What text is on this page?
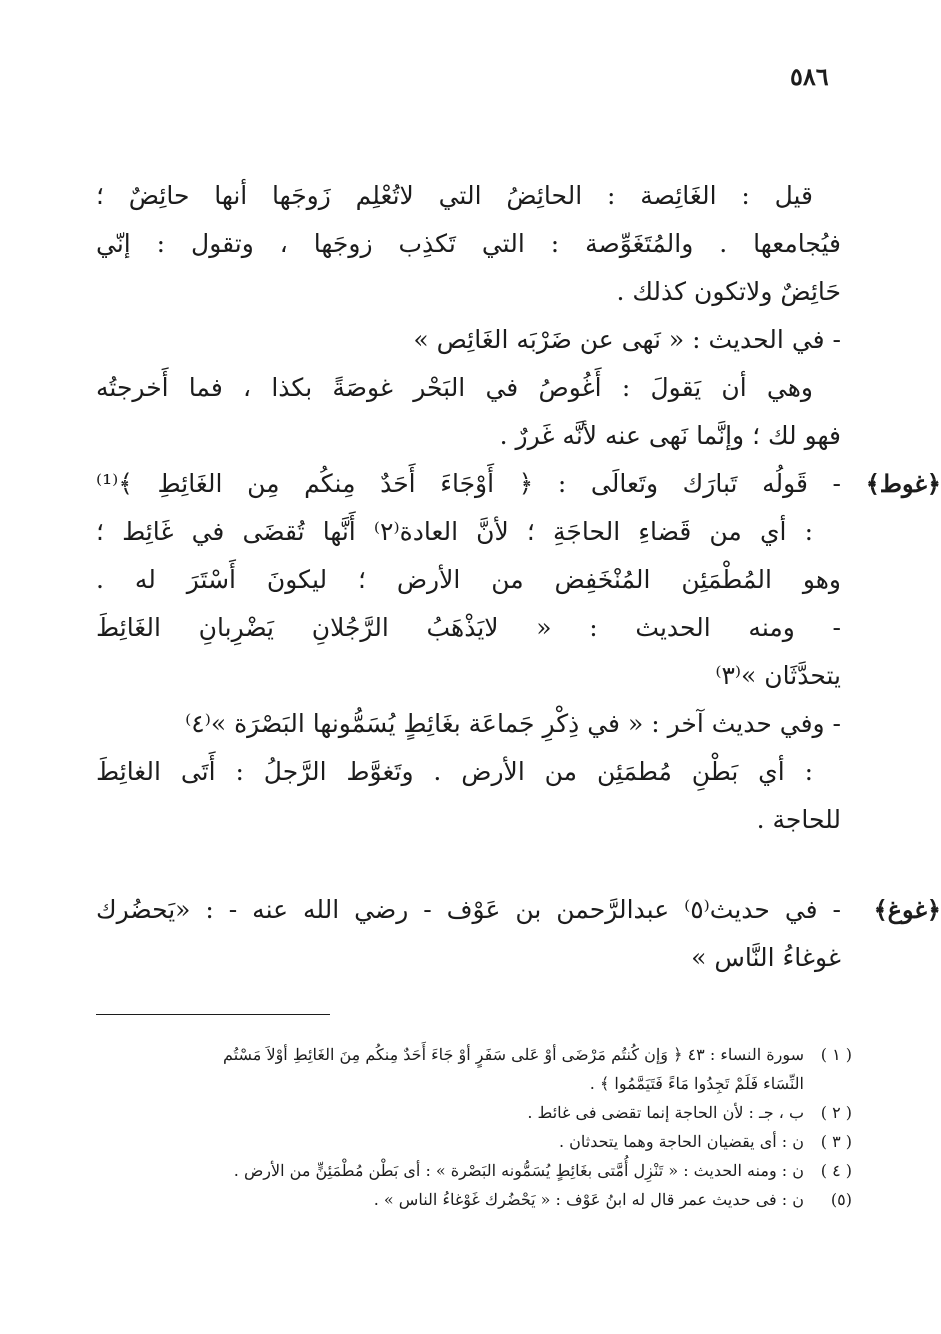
٥٨٦
قيل : الغَائِصة : الحائِضُ التي لاتُعْلِم زَوجَها أنها حائِضٌ ؛
فيُجامعها . والمُتَغَوِّصة : التي تَكذِب زوجَها ، وتقول : إنّي
حَائِضٌ ولاتكون كذلك .
- في الحديث : « نَهى عن ضَرْبَه الغَائِص »
وهي أن يَقولَ : أَغُوصُ في البَحْر غوصَةً بكذا ، فما أَخرجتُه
فهو لك ؛ وإنَّما نَهى عنه لأنَّه غَررٌ .
﴿غوط﴾
- قَولُه تَبارَك وتَعالَى : ﴿ أَوْجَاءَ أَحَدٌ مِنكُم مِن الغَائِطِ ﴾⁽¹⁾
: أي من قَضاءِ الحاجَةِ ؛ لأنَّ العادة⁽٢⁾ أَنَّها تُقضَى في غَائِط ؛
وهو المُطْمَئِن المُنْخَفِض من الأرض ؛ ليكونَ أَسْتَرَ له .
- ومنه الحديث : « لايَذْهَبُ الرَّجُلانِ يَضْرِبانِ الغَائِطَ
يتحدَّثَان »⁽٣⁾
- وفي حديث آخر : « في ذِكْرِ جَماعَة بغَائِطٍ يُسَمُّونها البَصْرَة »⁽٤⁾
: أي بَطْنِ مُطمَئِن من الأرض . وتَغوَّط الرَّجلُ : أَتَى الغائِطَ
للحاجة .
﴿غوغ﴾
- في حديث⁽٥⁾ عبدالرَّحمن بن عَوْف - رضي الله عنه - : «يَحضُرك
غوغاءُ النَّاس »
( ١ )
سورة النساء : ٤٣ ﴿ وَإن كُنتُم مَرْضَى أوْ عَلى سَفَرٍ أوْ جَاءَ أَحَدٌ مِنكُم مِنَ الغَائِطِ أوْلاَ مَسْتُم
النِّسَاء فَلَمْ تَجِدُوا مَاءً فَتَيَمَّمُوا ﴾ .
( ٢ )
ب ، جـ : لأن الحاجة إنما تقضى فى غائط .
( ٣ )
ن : أى يقضيان الحاجة وهما يتحدثان .
( ٤ )
ن : ومنه الحديث : « تَنْزِل أُمَّتى بغَائِطٍ يُسَمُّونه البَصْرة » : أى بَطْن مُطْمَئِنٍّ من الأرض .
(٥)
ن : فى حديث عمر قال له ابنُ عَوْف : « يَحْضُرك غَوْغاءُ الناس » .
